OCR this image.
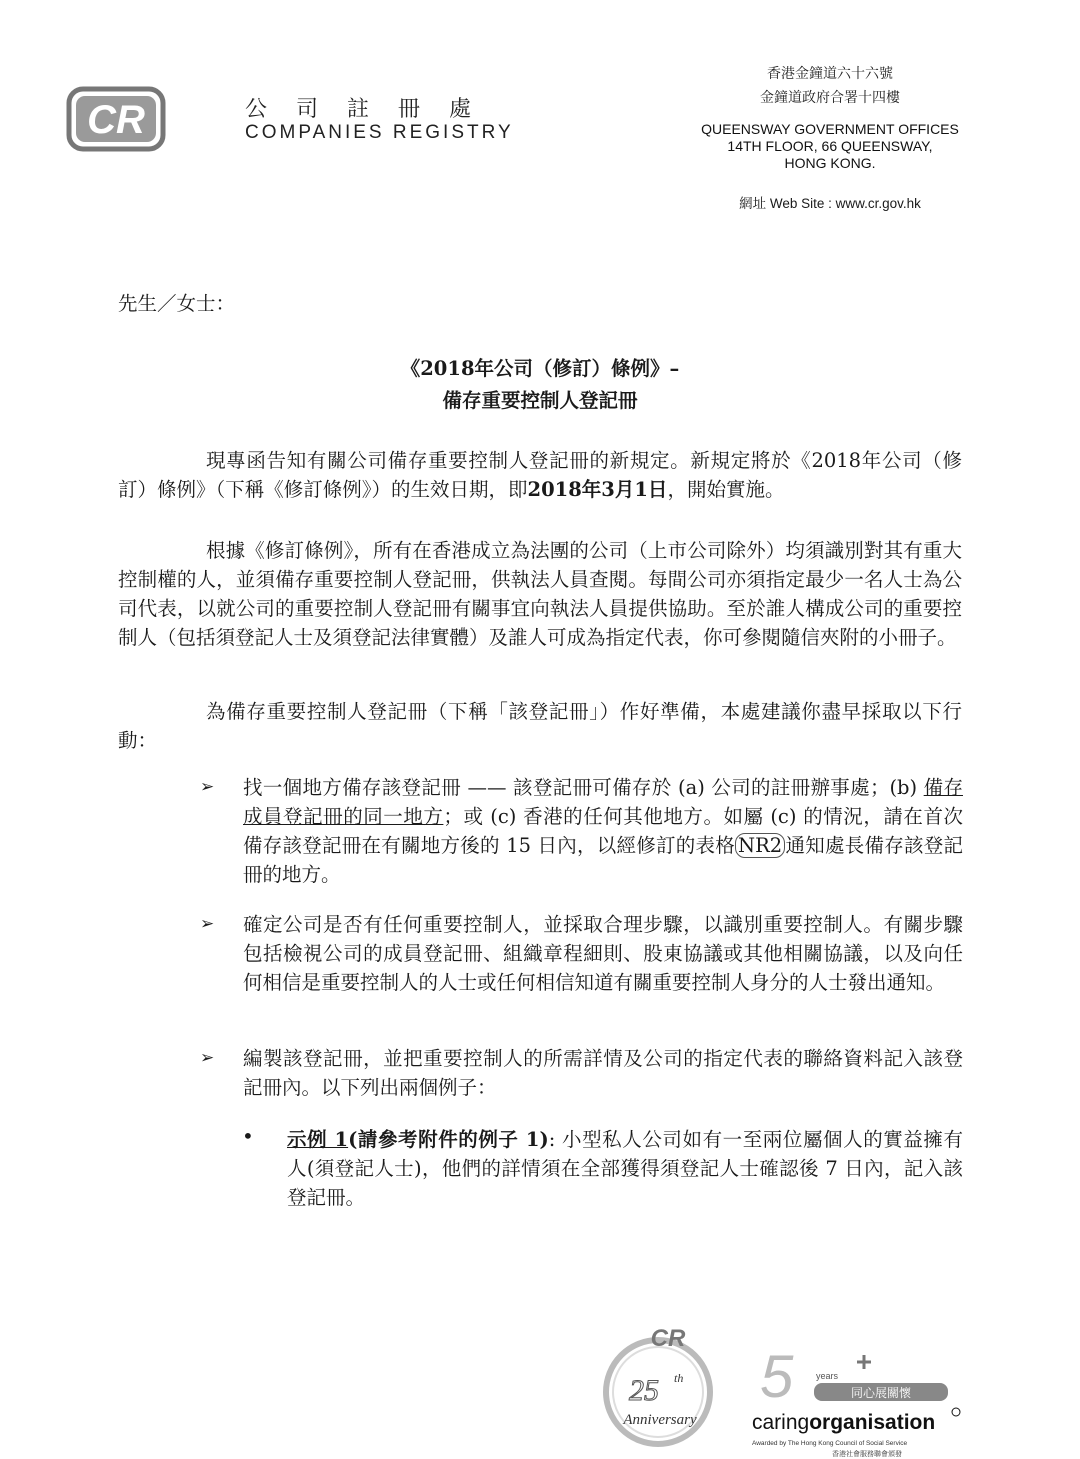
CR	公司註冊處
COMPANIES REGISTRY
香港金鐘道六十六號
金鐘道政府合署十四樓
QUEENSWAY GOVERNMENT OFFICES
14TH FLOOR, 66 QUEENSWAY,
HONG KONG.
網址 Web Site : www.cr.gov.hk
先生／女士：
《2018年公司（修訂）條例》–
備存重要控制人登記冊
現專函告知有關公司備存重要控制人登記冊的新規定。新規定將於《2018年公司（修訂）條例》（下稱《修訂條例》）的生效日期，即2018年3月1日，開始實施。
根據《修訂條例》，所有在香港成立為法團的公司（上市公司除外）均須識別對其有重大控制權的人，並須備存重要控制人登記冊，供執法人員查閱。每間公司亦須指定最少一名人士為公司代表，以就公司的重要控制人登記冊有關事宜向執法人員提供協助。至於誰人構成公司的重要控制人（包括須登記人士及須登記法律實體）及誰人可成為指定代表，你可參閱隨信夾附的小冊子。
為備存重要控制人登記冊（下稱「該登記冊」）作好準備，本處建議你盡早採取以下行動：
➢ 找一個地方備存該登記冊 —— 該登記冊可備存於 (a) 公司的註冊辦事處；(b) 備存成員登記冊的同一地方；或 (c) 香港的任何其他地方。如屬 (c) 的情況，請在首次備存該登記冊在有關地方後的 15 日內，以經修訂的表格 NR2 通知處長備存該登記冊的地方。
➢ 確定公司是否有任何重要控制人，並採取合理步驟，以識別重要控制人。有關步驟包括檢視公司的成員登記冊、組織章程細則、股東協議或其他相關協議，以及向任何相信是重要控制人的人士或任何相信知道有關重要控制人身分的人士發出通知。
➢ 編製該登記冊，並把重要控制人的所需詳情及公司的指定代表的聯絡資料記入該登記冊內。以下列出兩個例子：
• 示例 1(請參考附件的例子 1): 小型私人公司如有一至兩位屬個人的實益擁有人(須登記人士)，他們的詳情須在全部獲得須登記人士確認後 7 日內，記入該登記冊。
CR
25 th
Anniversary
5	years
同心展關懷
caringorganisation
Awarded by The Hong Kong Council of Social Service
香港社會服務聯會頒發
